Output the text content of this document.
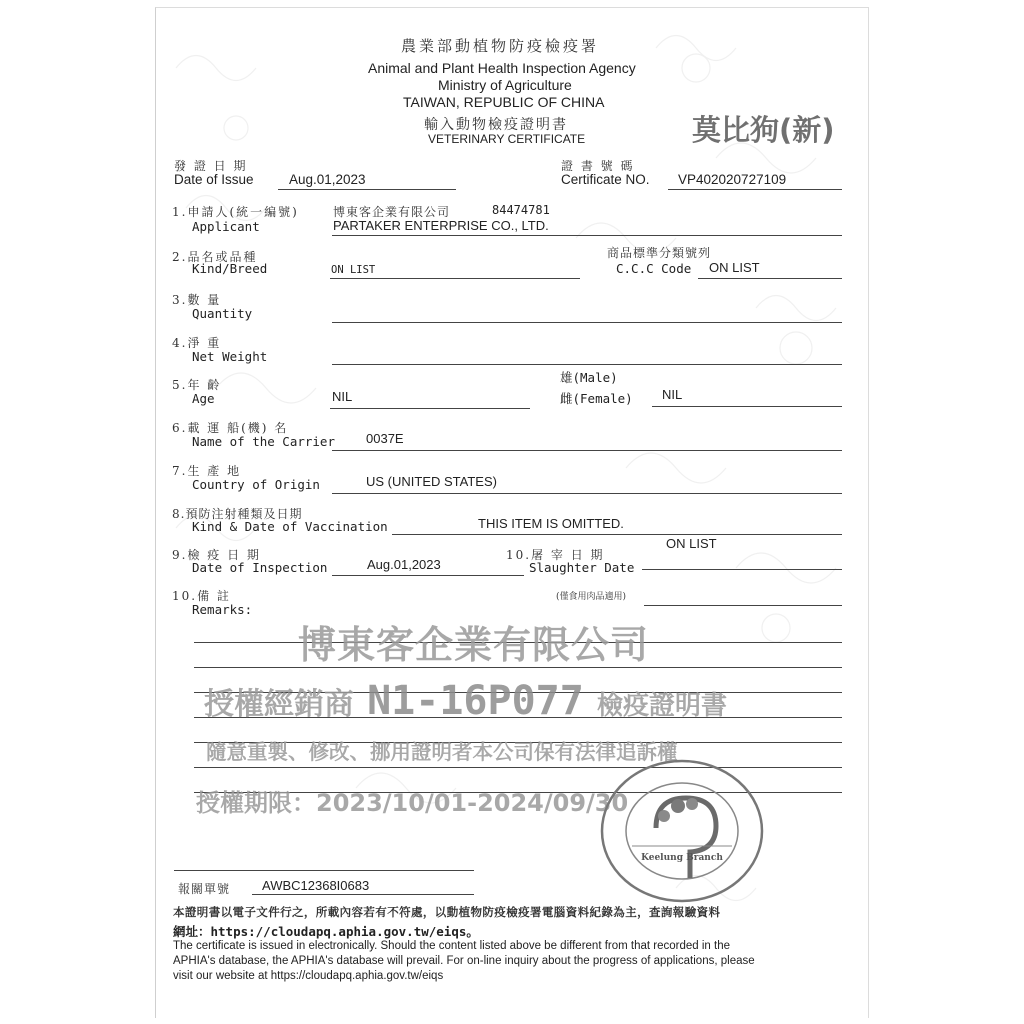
農業部動植物防疫檢疫署
Animal and Plant Health Inspection Agency
Ministry of Agriculture
TAIWAN, REPUBLIC OF CHINA
輸入動物檢疫證明書
VETERINARY CERTIFICATE	莫比狗(新)
發 證 日 期
Date of Issue	Aug.01,2023
證 書 號 碼
Certificate NO. VP402020727109
1.申請人(統一編號)
Applicant
博東客企業有限公司	84474781
PARTAKER ENTERPRISE CO., LTD.
2.品名或品種
Kind/Breed	ON LIST
商品標準分類號列
C.C.C Code ON LIST
3.數 量
Quantity
4.淨 重
Net Weight
5.年 齡
Age	NIL
雄(Male)
雌(Female) NIL
6.載 運 船(機) 名
Name of the Carrier 0037E
7.生 產 地
Country of Origin	US (UNITED STATES)
8.預防注射種類及日期
Kind & Date of Vaccination	THIS ITEM IS OMITTED.
9.檢 疫 日 期
Date of Inspection	Aug.01,2023
10.屠 宰 日 期
Slaughter Date
ON LIST
(僅食用肉品適用)
10.備 註
Remarks:
博東客企業有限公司
授權經銷商 N1-16P077 檢疫證明書
隨意重製、修改、挪用證明者本公司保有法律追訴權
授權期限：2023/10/01-2024/09/30
Keelung Branch
報關單號 AWBC12368I0683
本證明書以電子文件行之，所載內容若有不符處，以動植物防疫檢疫署電腦資料紀錄為主，查詢報驗資料
網址：https://cloudapq.aphia.gov.tw/eiqs。
The certificate is issued in electronically. Should the content listed above be different from that recorded in the
APHIA's database, the APHIA's database will prevail. For on-line inquiry about the progress of applications, please
visit our website at https://cloudapq.aphia.gov.tw/eiqs
